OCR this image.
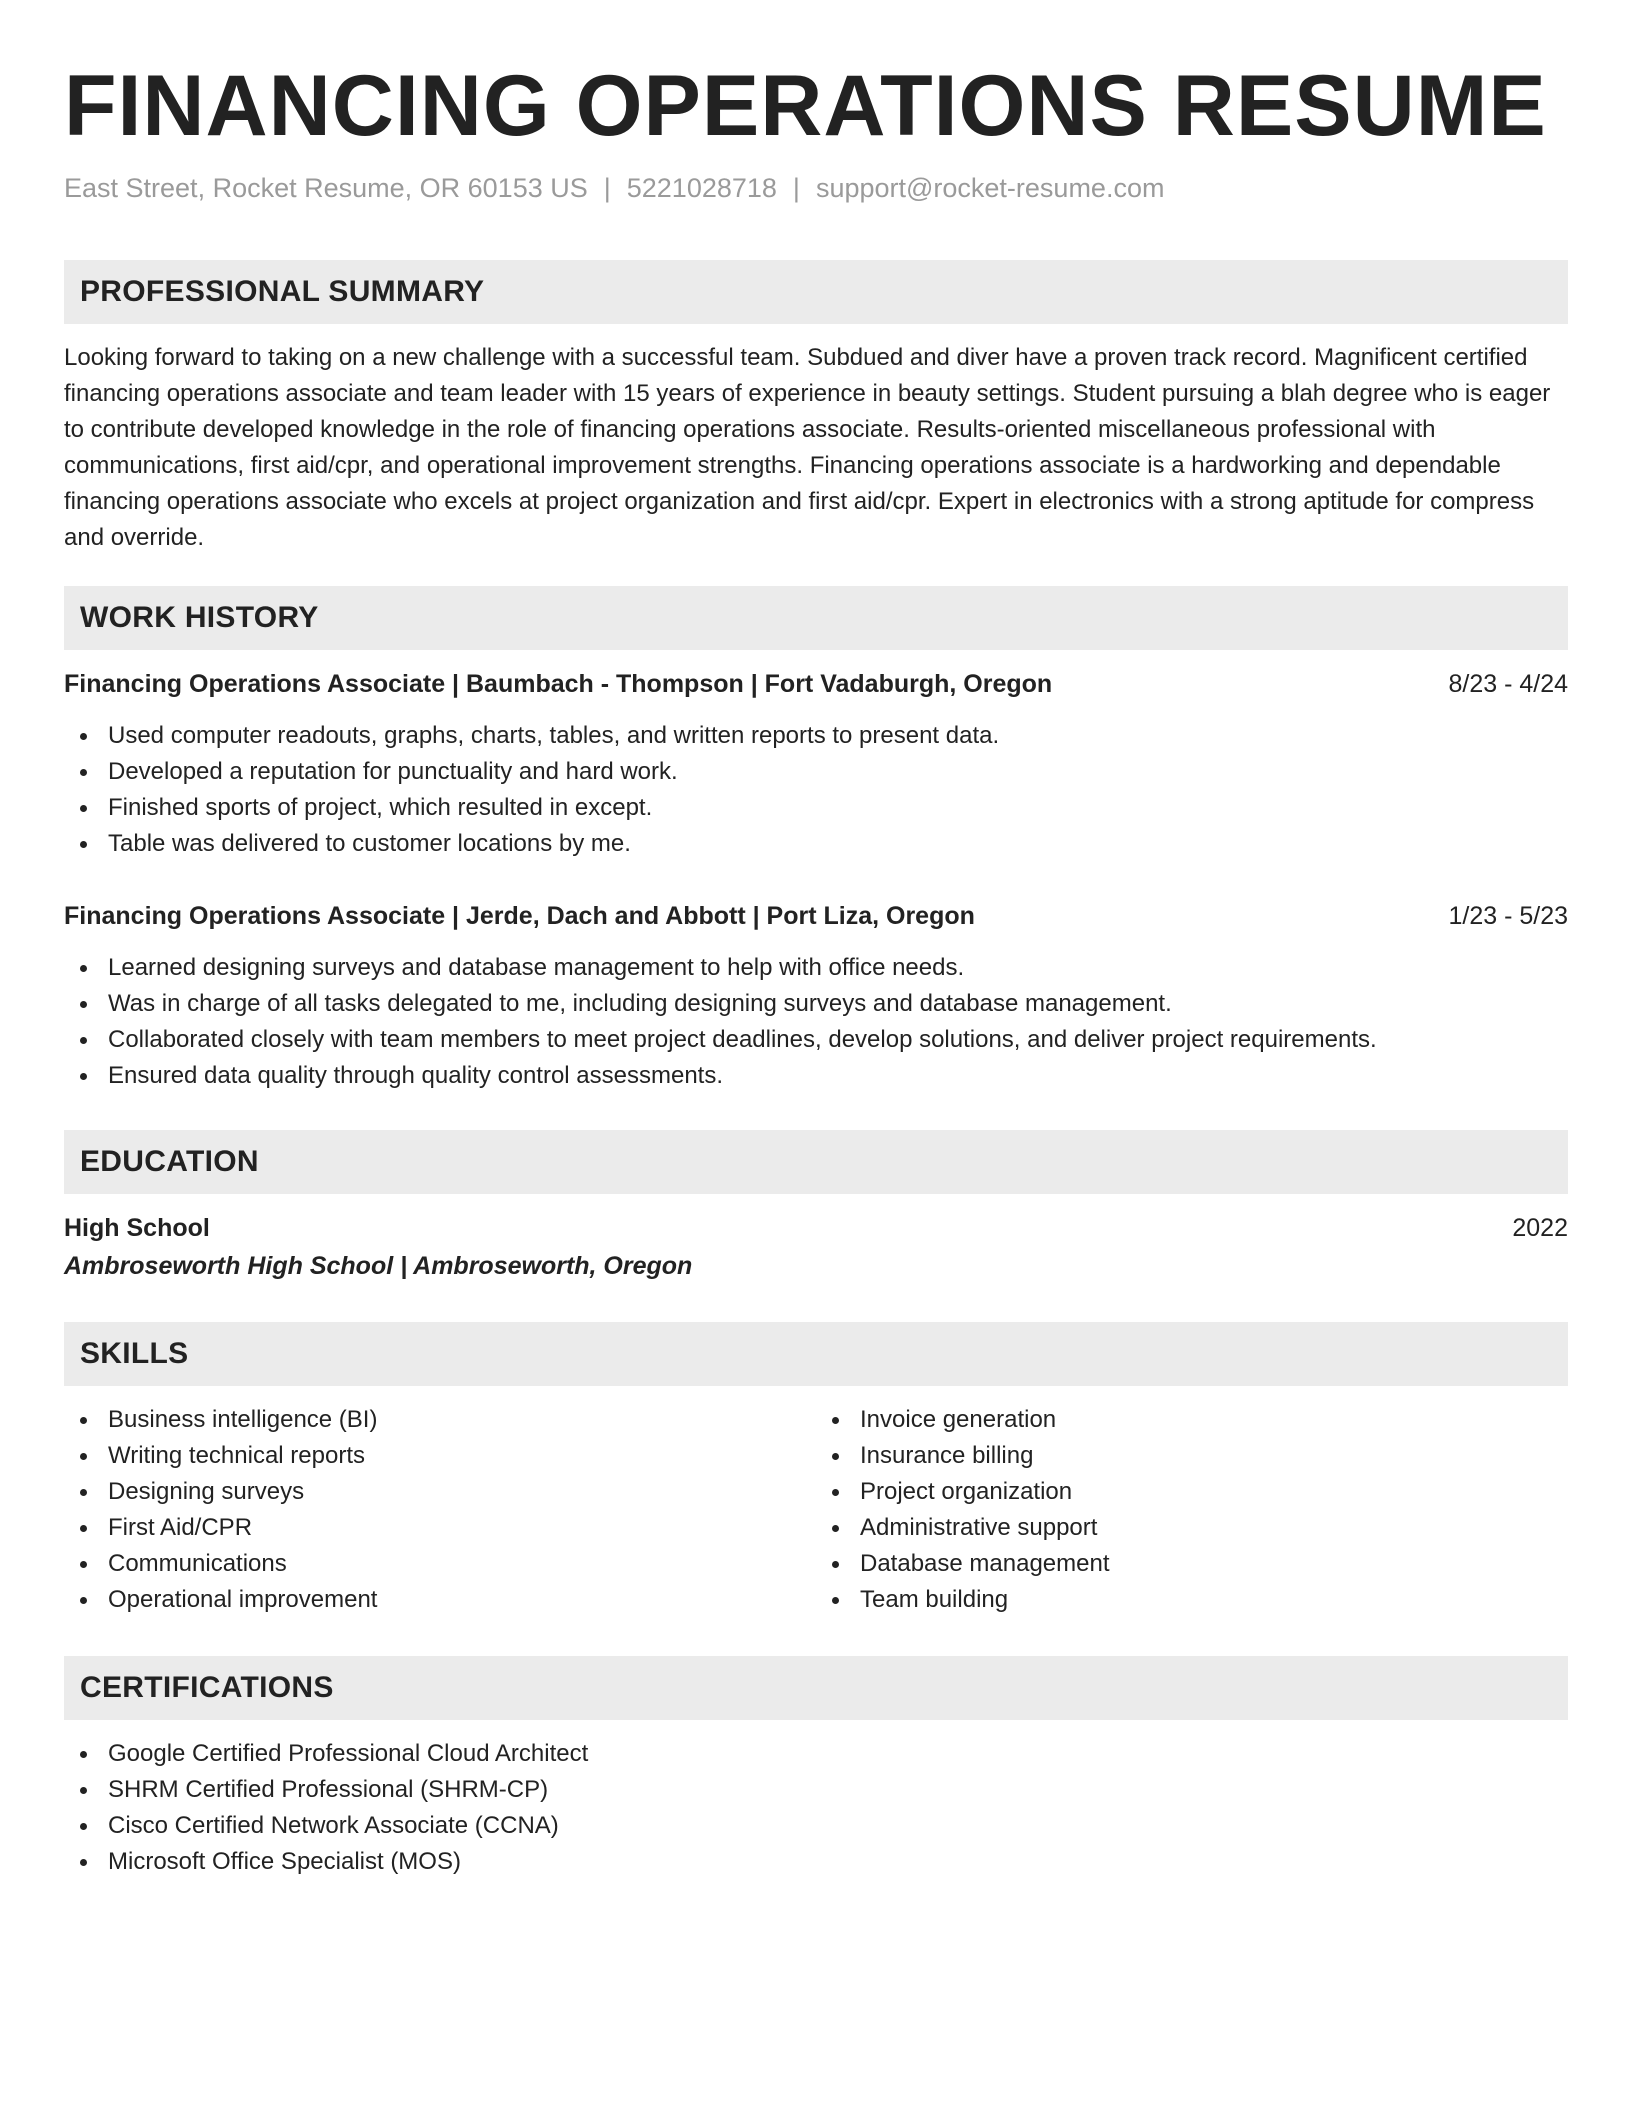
FINANCING OPERATIONS RESUME
East Street, Rocket Resume, OR 60153 US | 5221028718 | support@rocket-resume.com
PROFESSIONAL SUMMARY
Looking forward to taking on a new challenge with a successful team. Subdued and diver have a proven track record. Magnificent certified financing operations associate and team leader with 15 years of experience in beauty settings. Student pursuing a blah degree who is eager to contribute developed knowledge in the role of financing operations associate. Results-oriented miscellaneous professional with communications, first aid/cpr, and operational improvement strengths. Financing operations associate is a hardworking and dependable financing operations associate who excels at project organization and first aid/cpr. Expert in electronics with a strong aptitude for compress and override.
WORK HISTORY
Financing Operations Associate | Baumbach - Thompson | Fort Vadaburgh, Oregon	8/23 - 4/24
Used computer readouts, graphs, charts, tables, and written reports to present data.
Developed a reputation for punctuality and hard work.
Finished sports of project, which resulted in except.
Table was delivered to customer locations by me.
Financing Operations Associate | Jerde, Dach and Abbott | Port Liza, Oregon	1/23 - 5/23
Learned designing surveys and database management to help with office needs.
Was in charge of all tasks delegated to me, including designing surveys and database management.
Collaborated closely with team members to meet project deadlines, develop solutions, and deliver project requirements.
Ensured data quality through quality control assessments.
EDUCATION
High School	2022
Ambroseworth High School | Ambroseworth, Oregon
SKILLS
Business intelligence (BI)
Writing technical reports
Designing surveys
First Aid/CPR
Communications
Operational improvement
Invoice generation
Insurance billing
Project organization
Administrative support
Database management
Team building
CERTIFICATIONS
Google Certified Professional Cloud Architect
SHRM Certified Professional (SHRM-CP)
Cisco Certified Network Associate (CCNA)
Microsoft Office Specialist (MOS)
